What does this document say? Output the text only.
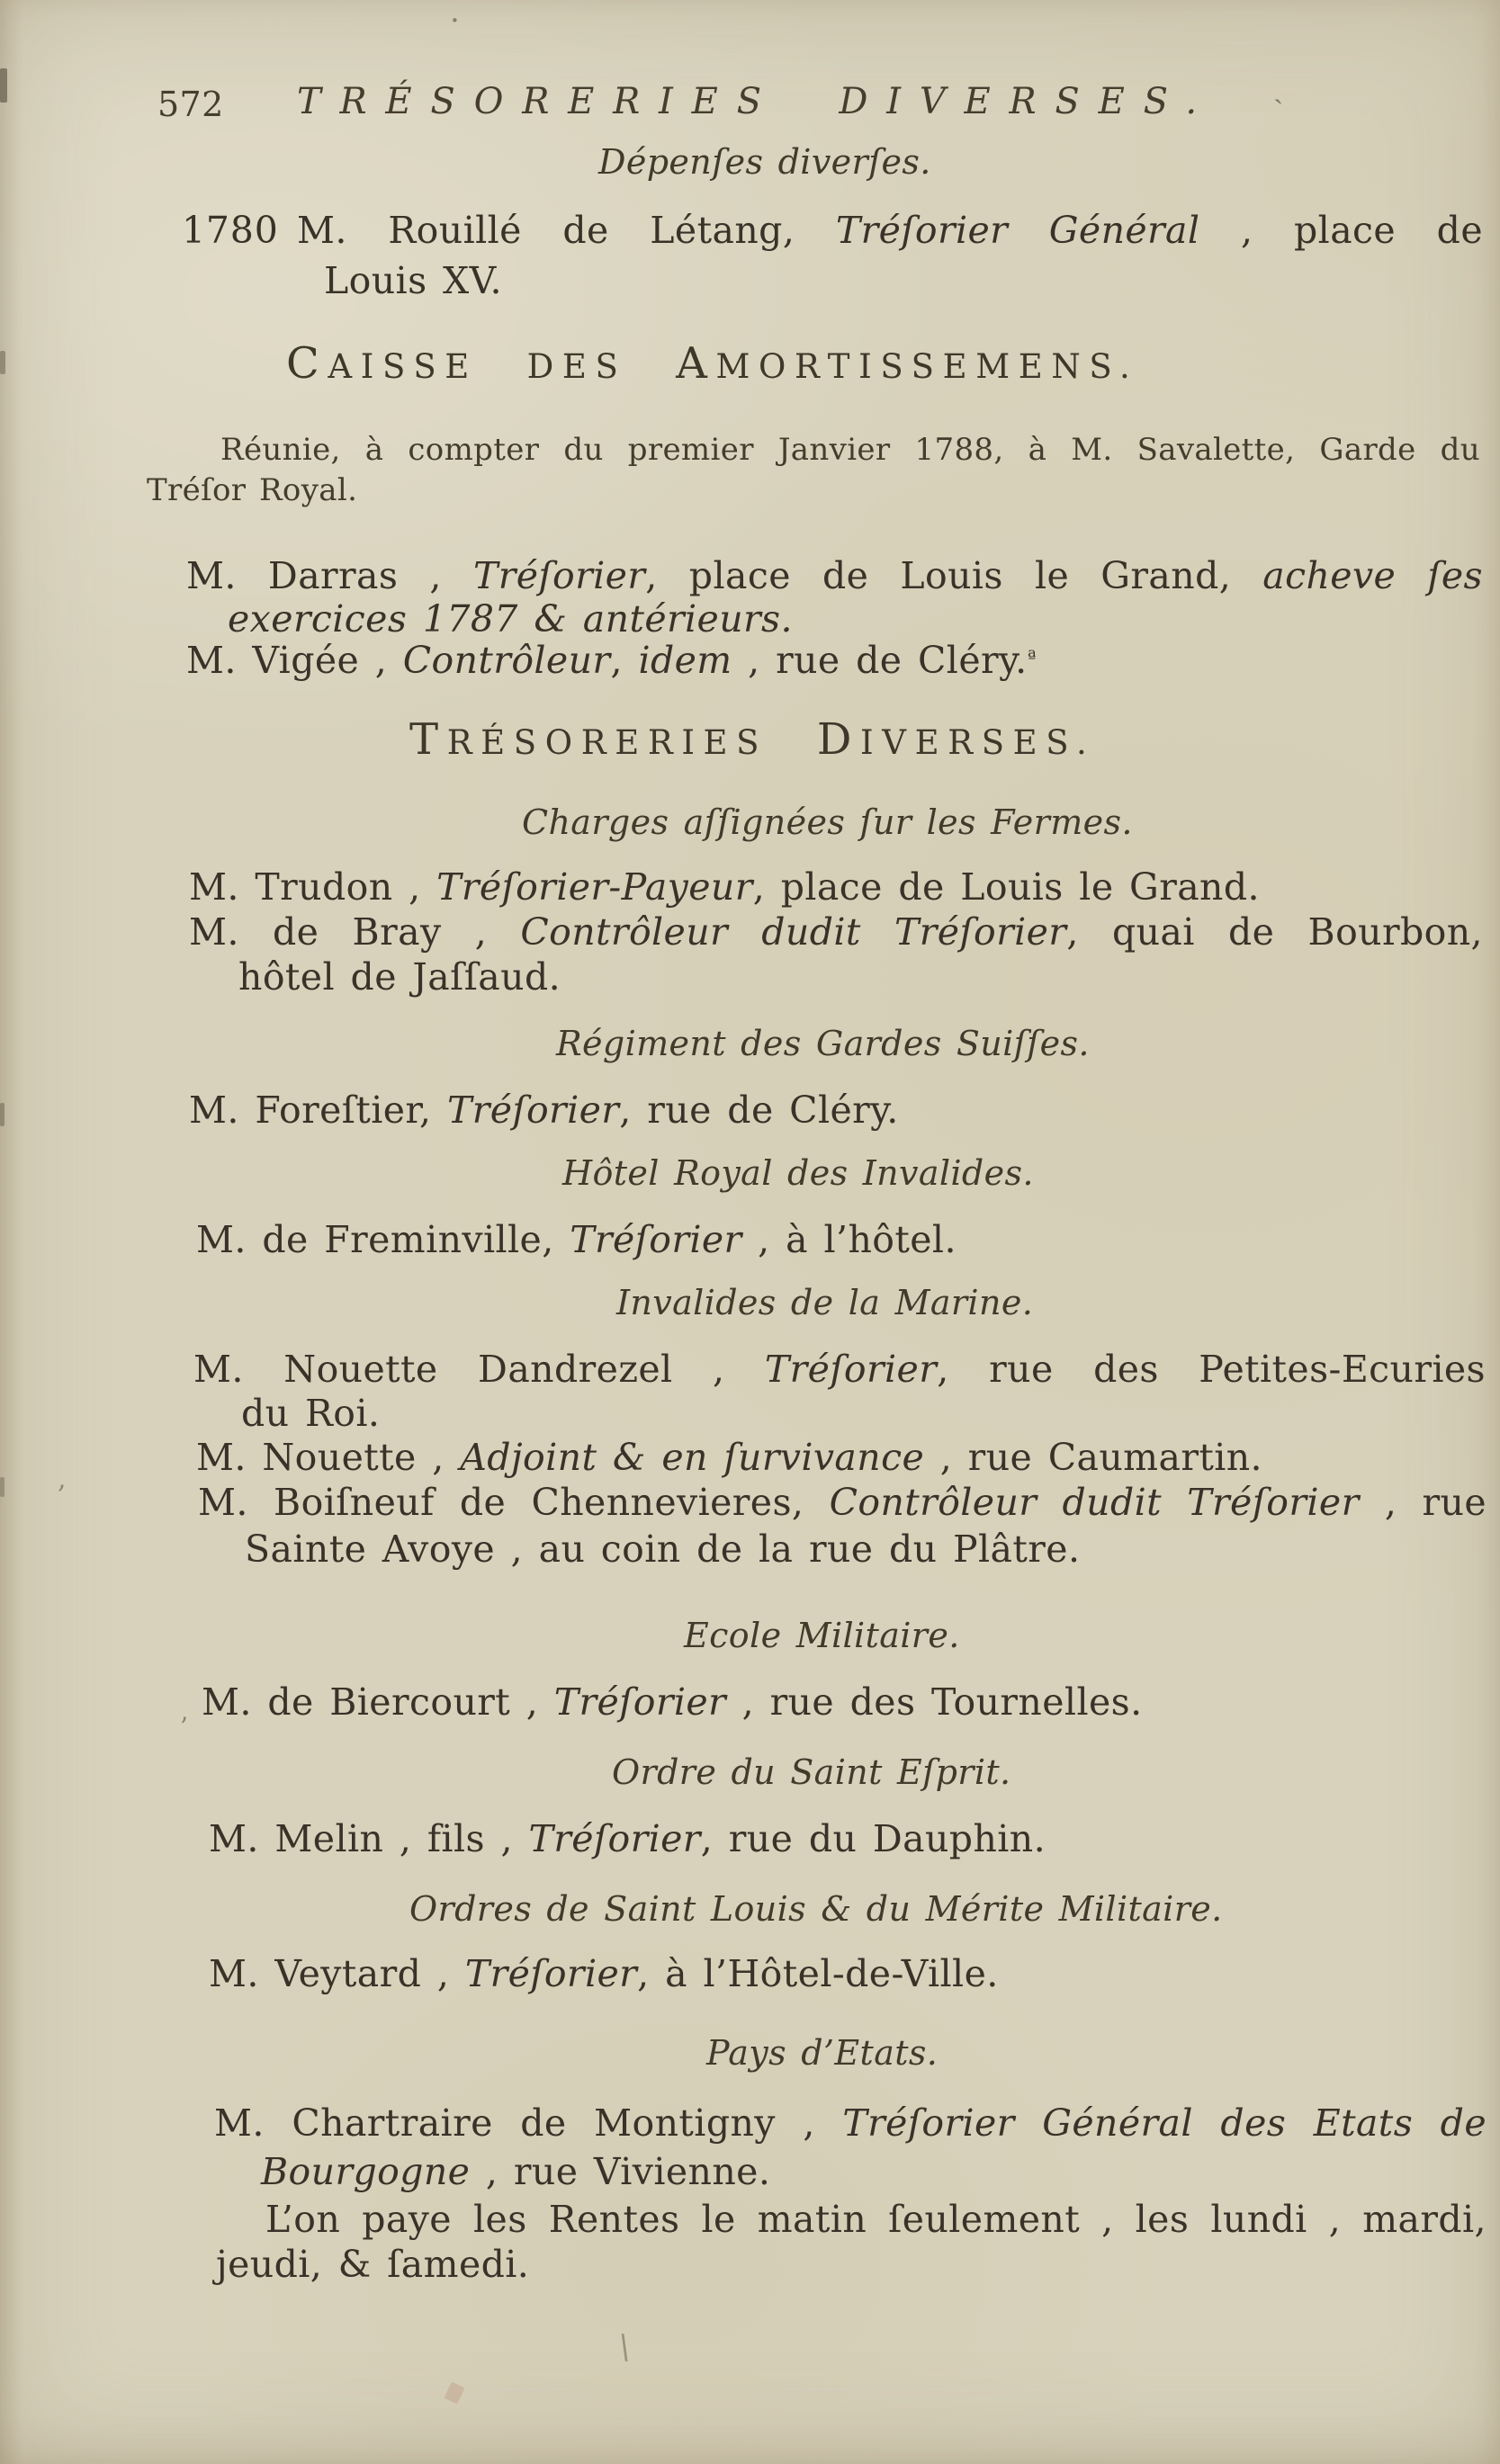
572 TRÉSORERIES DIVERSES.
Dépenſes diverſes.
1780 M. Rouillé de Létang, Tréſorier Général , place de
Louis XV.
CAISSE DES AMORTISSEMENS.
Réunie, à compter du premier Janvier 1788, à M. Savalette, Garde du
Tréſor Royal.
M. Darras , Tréſorier, place de Louis le Grand, acheve ſes
exercices 1787 & antérieurs.
M. Vigée , Contrôleur, idem , rue de Cléry.$^ª$
TRÉSORERIES DIVERSES.
Charges aſſignées ſur les Fermes.
M. Trudon , Tréſorier-Payeur, place de Louis le Grand.
M. de Bray , Contrôleur dudit Tréſorier, quai de Bourbon,
hôtel de Jaſſaud.
Régiment des Gardes Suiſſes.
M. Foreſtier, Tréſorier, rue de Cléry.
Hôtel Royal des Invalides.
M. de Freminville, Tréſorier , à l’hôtel.
Invalides de la Marine.
M. Nouette Dandrezel , Tréſorier, rue des Petites-Ecuries
du Roi.
M. Nouette , Adjoint & en ſurvivance , rue Caumartin.
M. Boiſneuf de Chennevieres, Contrôleur dudit Tréſorier , rue
Sainte Avoye , au coin de la rue du Plâtre.
Ecole Militaire.
M. de Biercourt , Tréſorier , rue des Tournelles.
Ordre du Saint Eſprit.
M. Melin , fils , Tréſorier, rue du Dauphin.
Ordres de Saint Louis & du Mérite Militaire.
M. Veytard , Tréſorier, à l’Hôtel-de-Ville.
Pays d’Etats.
M. Chartraire de Montigny , Tréſorier Général des Etats de
Bourgogne , rue Vivienne.
L’on paye les Rentes le matin ſeulement , les lundi , mardi,
jeudi, & ſamedi.
·
ˏ
,
’
\
